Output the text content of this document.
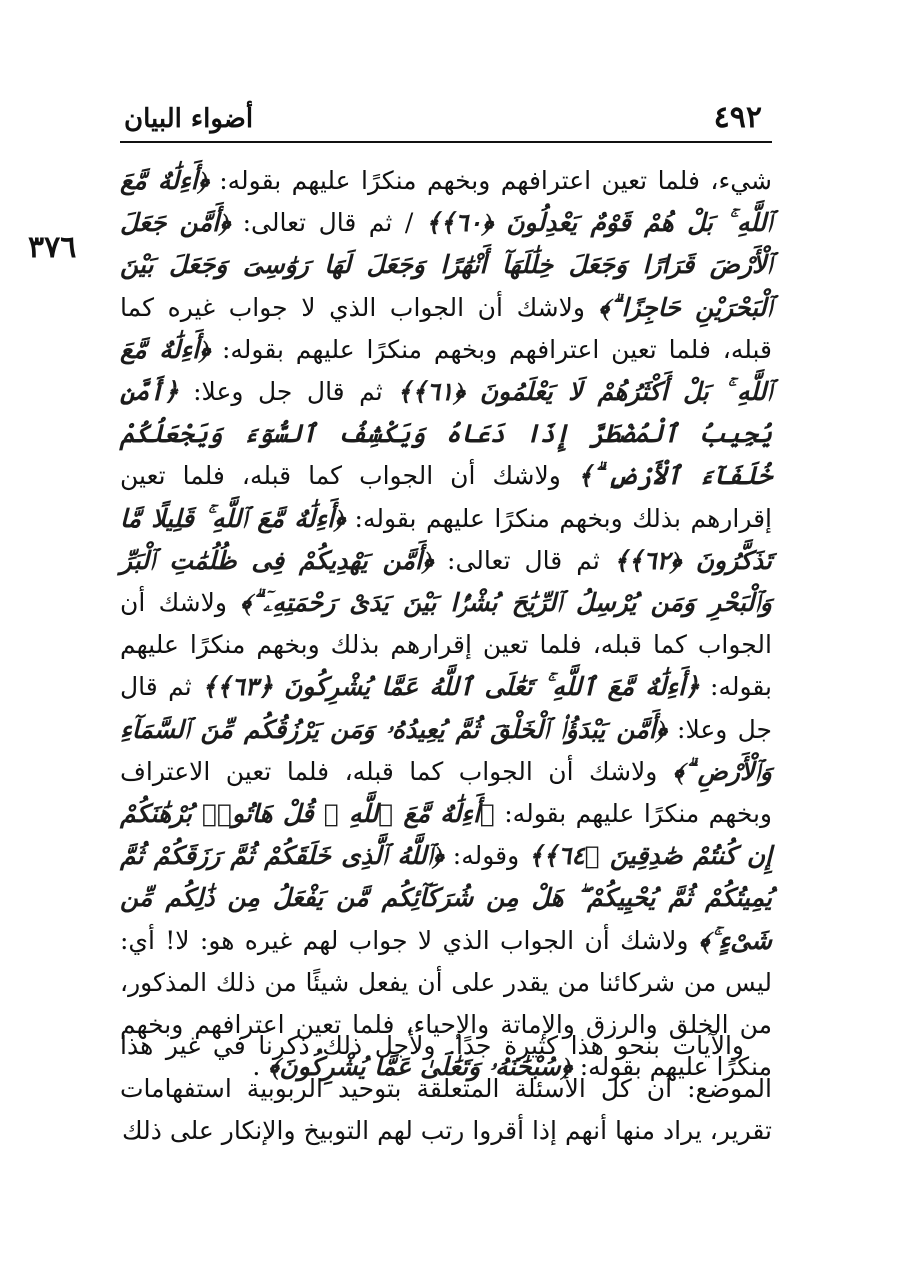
أضواء البيان	٤٩٢
٣٧٦

شيء، فلما تعين اعترافهم وبخهم منكرًا عليهم بقوله: ﴿أَءِلَٰهٌ مَّعَ ٱللَّهِ ۚ بَلْ هُمْ قَوْمٌ يَعْدِلُونَ ﴿٦٠﴾﴾ / ثم قال تعالى: ﴿أَمَّن جَعَلَ ٱلْأَرْضَ قَرَارًا وَجَعَلَ خِلَٰلَهَآ أَنْهَٰرًا وَجَعَلَ لَهَا رَوَٰسِىَ وَجَعَلَ بَيْنَ ٱلْبَحْرَيْنِ حَاجِزًا ۗ﴾ ولاشك أن الجواب الذي لا جواب غيره كما قبله، فلما تعين اعترافهم وبخهم منكرًا عليهم بقوله: ﴿أَءِلَٰهٌ مَّعَ ٱللَّهِ ۚ بَلْ أَكْثَرُهُمْ لَا يَعْلَمُونَ ﴿٦١﴾﴾ ثم قال جل وعلا: ﴿أَمَّن يُجِيبُ ٱلْمُضْطَرَّ إِذَا دَعَاهُ وَيَكْشِفُ ٱلسُّوٓءَ وَيَجْعَلُكُمْ خُلَفَآءَ ٱلْأَرْضِ ۗ﴾ ولاشك أن الجواب كما قبله، فلما تعين إقرارهم بذلك وبخهم منكرًا عليهم بقوله: ﴿أَءِلَٰهٌ مَّعَ ٱللَّهِ ۚ قَلِيلًا مَّا تَذَكَّرُونَ ﴿٦٢﴾﴾ ثم قال تعالى: ﴿أَمَّن يَهْدِيكُمْ فِى ظُلُمَٰتِ ٱلْبَرِّ وَٱلْبَحْرِ وَمَن يُرْسِلُ ٱلرِّيَٰحَ بُشْرًۢا بَيْنَ يَدَىْ رَحْمَتِهِۦٓ ۗ﴾ ولاشك أن الجواب كما قبله، فلما تعين إقرارهم بذلك وبخهم منكرًا عليهم بقوله: ﴿أَءِلَٰهٌ مَّعَ ٱللَّهِ ۚ تَعَٰلَى ٱللَّهُ عَمَّا يُشْرِكُونَ ﴿٦٣﴾﴾ ثم قال جل وعلا: ﴿أَمَّن يَبْدَؤُا۟ ٱلْخَلْقَ ثُمَّ يُعِيدُهُۥ وَمَن يَرْزُقُكُم مِّنَ ٱلسَّمَآءِ وَٱلْأَرْضِ ۗ﴾ ولاشك أن الجواب كما قبله، فلما تعين الاعتراف وبخهم منكرًا عليهم بقوله: ﴿أَءِلَٰهٌ مَّعَ ٱللَّهِ ۚ قُلْ هَاتُوا۟ بُرْهَٰنَكُمْ إِن كُنتُمْ صَٰدِقِينَ ﴿٦٤﴾﴾ وقوله: ﴿ٱللَّهُ ٱلَّذِى خَلَقَكُمْ ثُمَّ رَزَقَكُمْ ثُمَّ يُمِيتُكُمْ ثُمَّ يُحْيِيكُمْ ۖ هَلْ مِن شُرَكَآئِكُم مَّن يَفْعَلُ مِن ذَٰلِكُم مِّن شَىْءٍ ۚ﴾ ولاشك أن الجواب الذي لا جواب لهم غيره هو: لا! أي: ليس من شركائنا من يقدر على أن يفعل شيئًا من ذلك المذكور، من الخلق والرزق والإماتة والإحياء، فلما تعين اعترافهم وبخهم منكرًا عليهم بقوله: ﴿سُبْحَٰنَهُۥ وَتَعَٰلَىٰ عَمَّا يُشْرِكُونَ﴾ .

والآيات بنحو هذا كثيرة جدًا. ولأجل ذلك ذكرنا في غير هذا الموضع: أن كل الأسئلة المتعلقة بتوحيد الربوبية استفهامات تقرير، يراد منها أنهم إذا أقروا رتب لهم التوبيخ والإنكار على ذلك
